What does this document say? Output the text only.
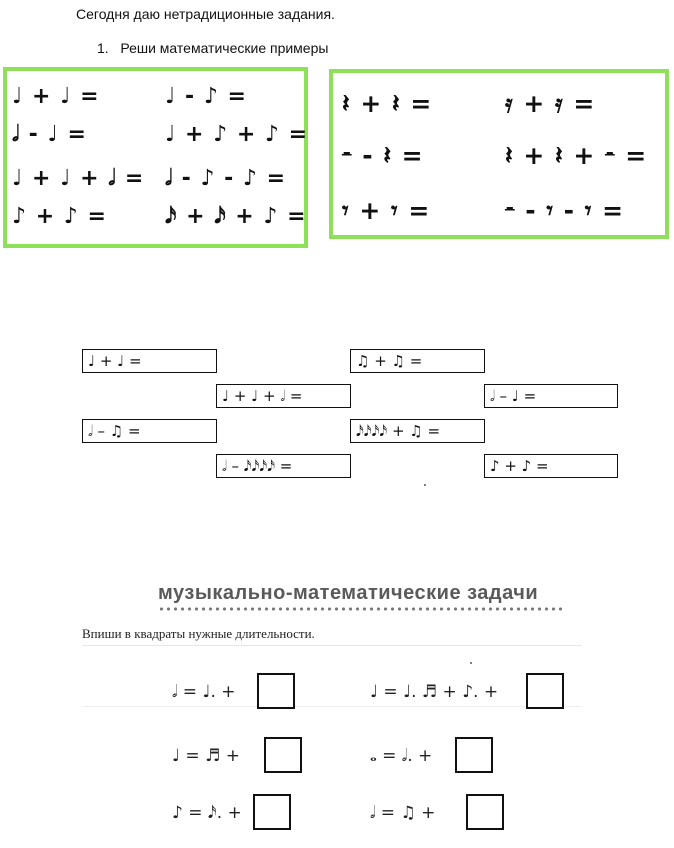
Сегодня даю нетрадиционные задания.
1. Реши математические примеры
♩ + ♩ =	♩ - ♪ =
𝅗𝅥 - ♩ =	♩ + ♪ + ♪ =
♩ + ♩ + 𝅗𝅥 = 𝅗𝅥 - ♪ - ♪ =
♪ + ♪ =	𝅘𝅥𝅯 + 𝅘𝅥𝅯 + ♪ =
𝄽 + 𝄽 =	𝄿 + 𝄿 =
𝄼 - 𝄽 =	𝄽 + 𝄽 + 𝄼 =
𝄾 + 𝄾 =	𝄼 - 𝄾 - 𝄾 =
♩ + ♩ =	♫ + ♫ =
♩ + ♩ + 𝅗𝅥 =	𝅗𝅥 – ♩ =
𝅗𝅥 – ♫ =	𝅘𝅥𝅯𝅘𝅥𝅯𝅘𝅥𝅯𝅘𝅥𝅯 + ♫ =
𝅗𝅥 – 𝅘𝅥𝅯𝅘𝅥𝅯𝅘𝅥𝅯𝅘𝅥𝅯 =	♪ + ♪ =
музыкально-математические задачи
Впиши в квадраты нужные длительности.
𝅗𝅥 = ♩. +	♩ = ♩. ♬ + ♪. +
♩ = ♬ +	𝅝 = 𝅗𝅥. +
♪ = 𝅘𝅥𝅯. +	𝅗𝅥 = ♫ +
